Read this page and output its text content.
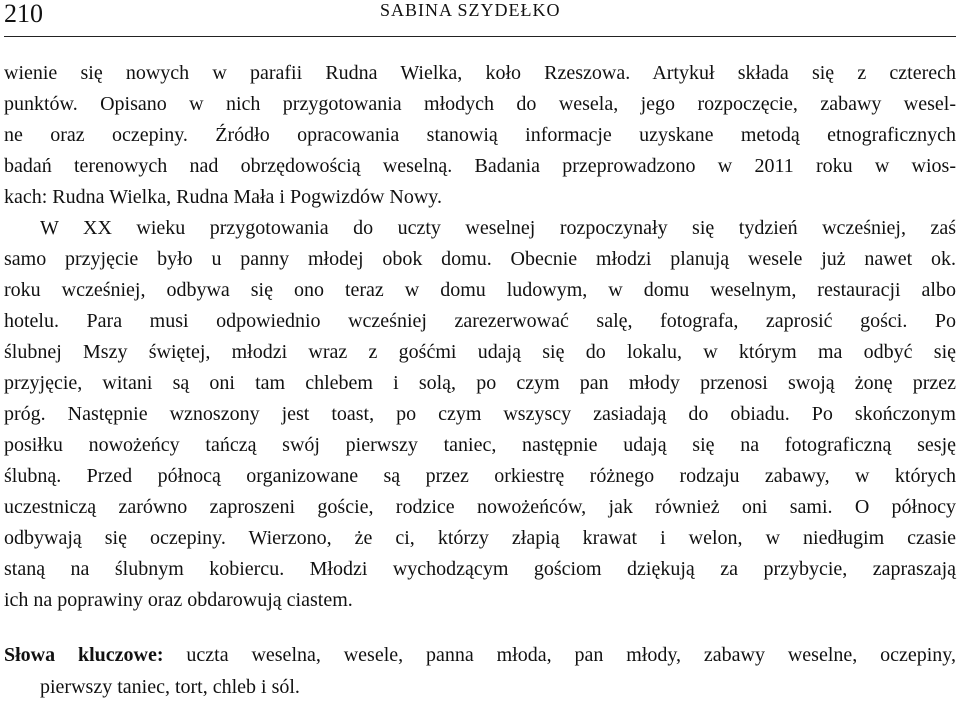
210	SABINA SZYDEŁKO
wienie się nowych w parafii Rudna Wielka, koło Rzeszowa. Artykuł składa się z czterech
punktów. Opisano w nich przygotowania młodych do wesela, jego rozpoczęcie, zabawy wesel-
ne oraz oczepiny. Źródło opracowania stanowią informacje uzyskane metodą etnograficznych
badań terenowych nad obrzędowością weselną. Badania przeprowadzono w 2011 roku w wios-
kach: Rudna Wielka, Rudna Mała i Pogwizdów Nowy.
W XX wieku przygotowania do uczty weselnej rozpoczynały się tydzień wcześniej, zaś
samo przyjęcie było u panny młodej obok domu. Obecnie młodzi planują wesele już nawet ok.
roku wcześniej, odbywa się ono teraz w domu ludowym, w domu weselnym, restauracji albo
hotelu. Para musi odpowiednio wcześniej zarezerwować salę, fotografa, zaprosić gości. Po
ślubnej Mszy świętej, młodzi wraz z gośćmi udają się do lokalu, w którym ma odbyć się
przyjęcie, witani są oni tam chlebem i solą, po czym pan młody przenosi swoją żonę przez
próg. Następnie wznoszony jest toast, po czym wszyscy zasiadają do obiadu. Po skończonym
posiłku nowożeńcy tańczą swój pierwszy taniec, następnie udają się na fotograficzną sesję
ślubną. Przed północą organizowane są przez orkiestrę różnego rodzaju zabawy, w których
uczestniczą zarówno zaproszeni goście, rodzice nowożeńców, jak również oni sami. O północy
odbywają się oczepiny. Wierzono, że ci, którzy złapią krawat i welon, w niedługim czasie
staną na ślubnym kobiercu. Młodzi wychodzącym gościom dziękują za przybycie, zapraszają
ich na poprawiny oraz obdarowują ciastem.
Słowa kluczowe: uczta weselna, wesele, panna młoda, pan młody, zabawy weselne, oczepiny,
pierwszy taniec, tort, chleb i sól.
